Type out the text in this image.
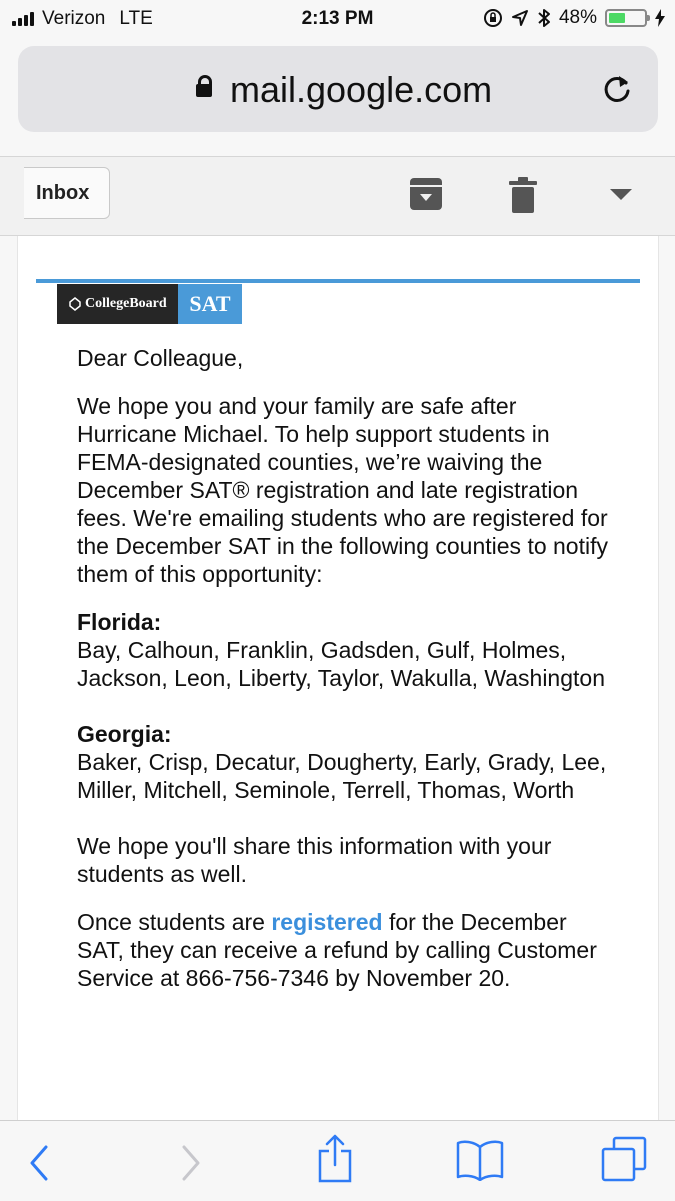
Verizon LTE	2:13 PM	48%
mail.google.com
Inbox
CollegeBoard	SAT

Dear Colleague,

We hope you and your family are safe after Hurricane Michael. To help support students in FEMA-designated counties, we’re waiving the December SAT® registration and late registration fees. We're emailing students who are registered for the December SAT in the following counties to notify them of this opportunity:

Florida:

Bay, Calhoun, Franklin, Gadsden, Gulf, Holmes, Jackson, Leon, Liberty, Taylor, Wakulla, Washington

Georgia:

Baker, Crisp, Decatur, Dougherty, Early, Grady, Lee, Miller, Mitchell, Seminole, Terrell, Thomas, Worth

We hope you'll share this information with your students as well.

Once students are registered for the December SAT, they can receive a refund by calling Customer Service at 866-756-7346 by November 20.
